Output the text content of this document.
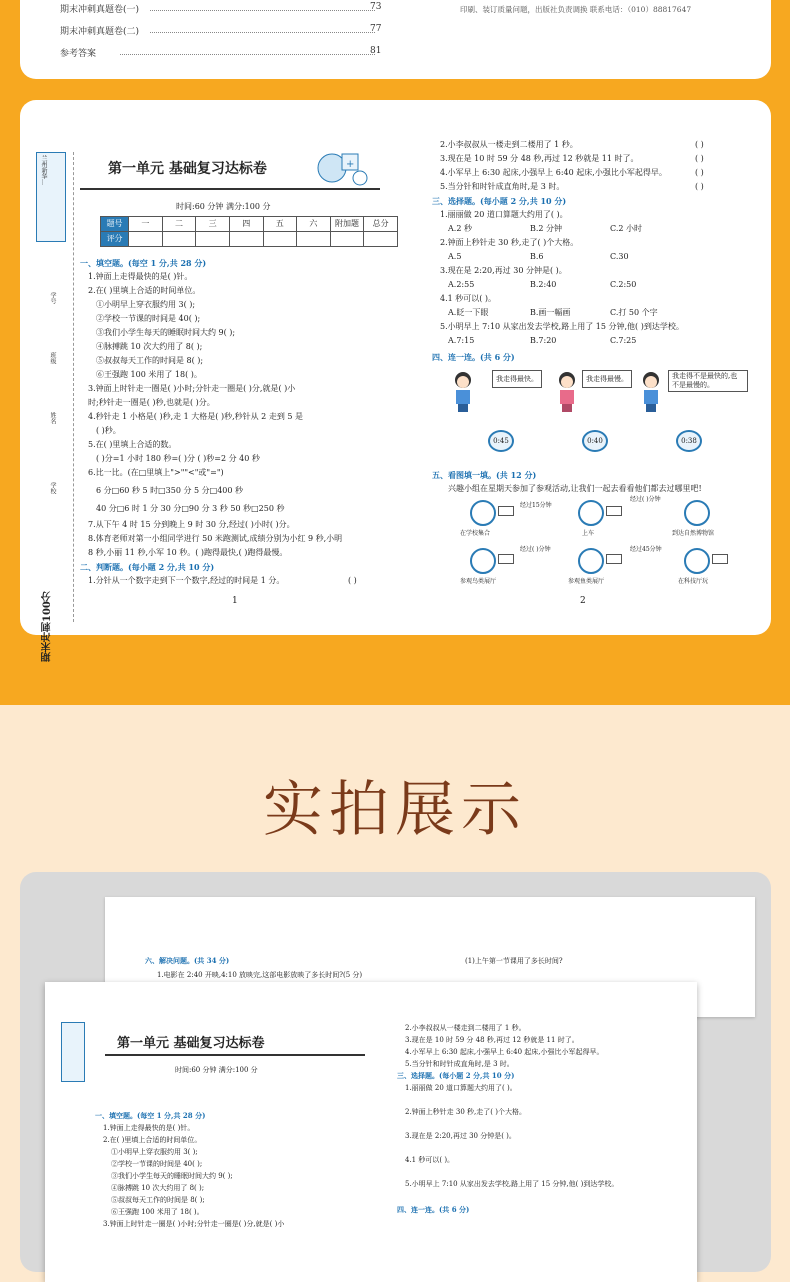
期末冲刺真题卷(一)	73
期末冲刺真题卷(二)	77
参考答案	81
印刷、装订质量问题，出版社负责调换 联系电话：（010）88817647
兰州新华…
学号
班级
姓名
学校
期末冲刺100分
第一单元 基础复习达标卷	+
时间:60 分钟 满分:100 分
题号	一	二	三	四	五	六	附加题	总分
评分								
一、填空题。(每空 1 分,共 28 分)
1.钟面上走得最快的是( )针。
2.在( )里填上合适的时间单位。
①小明早上穿衣服约用 3( );
②学校一节课的时间是 40( );
③我们小学生每天的睡眠时间大约 9( );
④脉搏跳 10 次大约用了 8( );
⑤叔叔每天工作的时间是 8( );
⑥王强跑 100 米用了 18( )。
3.钟面上时针走一圈是( )小时;分针走一圈是( )分,就是( )小
时;秒针走一圈是( )秒,也就是( )分。
4.秒针走 1 小格是( )秒,走 1 大格是( )秒,秒针从 2 走到 5 是
( )秒。
5.在( )里填上合适的数。
( )分=1 小时 180 秒=( )分 ( )秒=2 分 40 秒
6.比一比。(在□里填上">""<"或"=")
6 分□60 秒 5 时□350 分 5 分□400 秒
40 分□6 时 1 分 30 分□90 分 3 秒 50 秒□250 秒
7.从下午 4 时 15 分到晚上 9 时 30 分,经过( )小时( )分。
8.体育老师对第一小组同学进行 50 米跑测试,成绩分别为小红 9 秒,小明
8 秒,小丽 11 秒,小军 10 秒。( )跑得最快,( )跑得最慢。
二、判断题。(每小题 2 分,共 10 分)
1.分针从一个数字走到下一个数字,经过的时间是 1 分。	( )
1
2.小李叔叔从一楼走到二楼用了 1 秒。	( )
3.现在是 10 时 59 分 48 秒,再过 12 秒就是 11 时了。	( )
4.小军早上 6:30 起床,小强早上 6:40 起床,小强比小军起得早。	( )
5.当分针和时针成直角时,是 3 时。	( )
三、选择题。(每小题 2 分,共 10 分)
1.丽丽做 20 道口算题大约用了( )。
A.2 秒	B.2 分钟	C.2 小时
2.钟面上秒针走 30 秒,走了( )个大格。
A.5	B.6	C.30
3.现在是 2:20,再过 30 分钟是( )。
A.2:55	B.2:40	C.2:50
4.1 秒可以( )。
A.眨一下眼	B.画一幅画	C.打 50 个字
5.小明早上 7:10 从家出发去学校,路上用了 15 分钟,他( )到达学校。
A.7:15	B.7:20	C.7:25
四、连一连。(共 6 分)
我走得最快。	我走得最慢。	我走得不是最快的,也不是最慢的。
0:45	0:40	0:38
五、看图填一填。(共 12 分)
兴趣小组在星期天参加了参观活动,让我们一起去看看他们都去过哪里吧!
经过15分钟
经过( )分钟
在学校集合	上车	到达自然博物馆
经过( )分钟	经过45分钟
参观鸟类展厅	参观鱼类展厅	在科技厅玩
2
实拍展示
六、解决问题。(共 34 分)
1.电影在 2:40 开映,4:10 放映完,这部电影放映了多长时间?(5 分)
(1)上午第一节课用了多长时间?
第一单元 基础复习达标卷
时间:60 分钟 满分:100 分
一、填空题。(每空 1 分,共 28 分)
1.钟面上走得最快的是( )针。
2.在( )里填上合适的时间单位。
①小明早上穿衣服约用 3( );
②学校一节课的时间是 40( );
③我们小学生每天的睡眠时间大约 9( );
④脉搏跳 10 次大约用了 8( );
⑤叔叔每天工作的时间是 8( );
⑥王强跑 100 米用了 18( )。
3.钟面上时针走一圈是( )小时;分针走一圈是( )分,就是( )小
2.小李叔叔从一楼走到二楼用了 1 秒。
3.现在是 10 时 59 分 48 秒,再过 12 秒就是 11 时了。
4.小军早上 6:30 起床,小强早上 6:40 起床,小强比小军起得早。
5.当分针和时针成直角时,是 3 时。
三、选择题。(每小题 2 分,共 10 分)
1.丽丽做 20 道口算题大约用了( )。
2.钟面上秒针走 30 秒,走了( )个大格。
3.现在是 2:20,再过 30 分钟是( )。
4.1 秒可以( )。
5.小明早上 7:10 从家出发去学校,路上用了 15 分钟,他( )到达学校。
四、连一连。(共 6 分)
